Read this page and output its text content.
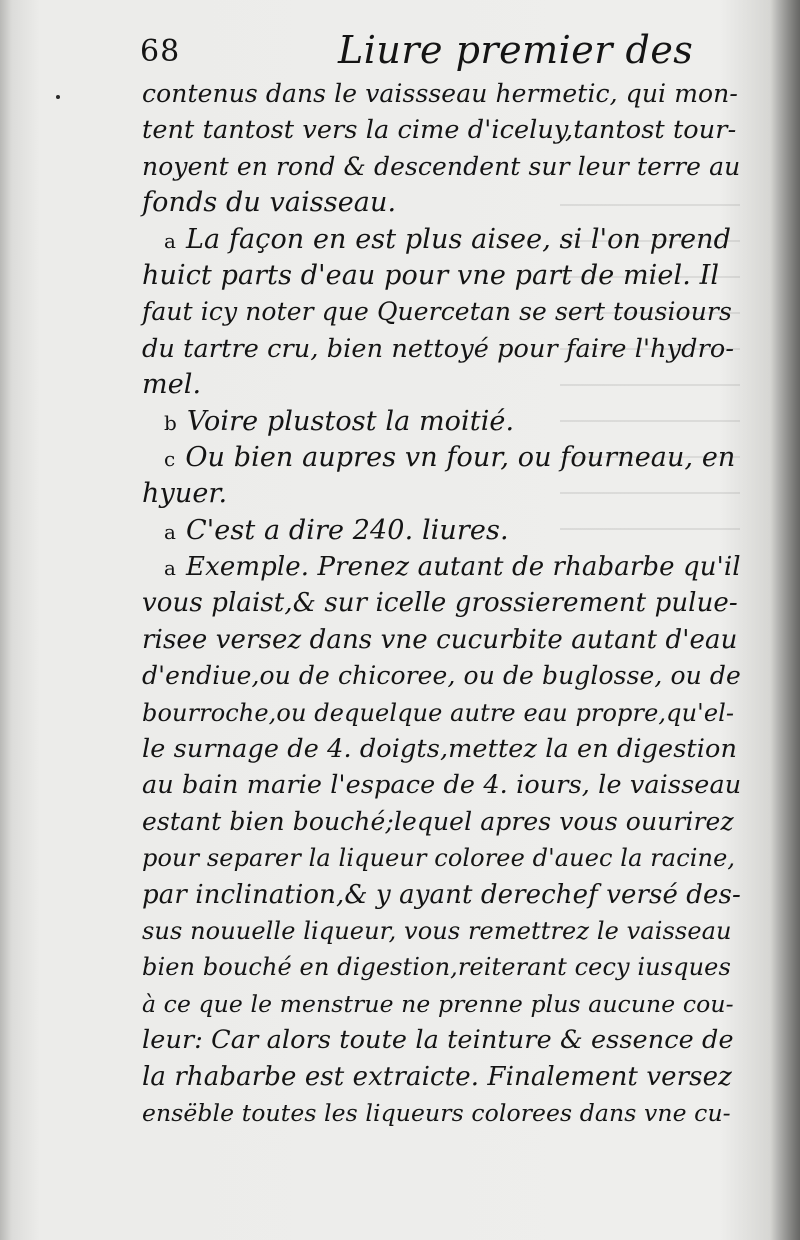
68	Liure premier des
contenus dans le vaissseau hermetic, qui mon-
tent tantost vers la cime d'iceluy,tantost tour-
noyent en rond & descendent sur leur terre au
fonds du vaisseau.
a La façon en est plus aisee, si l'on prend
huict parts d'eau pour vne part de miel. Il
faut icy noter que Quercetan se sert tousiours
du tartre cru, bien nettoyé pour faire l'hydro-
mel.
b Voire plustost la moitié.
c Ou bien aupres vn four, ou fourneau, en
hyuer.
a C'est a dire 240. liures.
a Exemple. Prenez autant de rhabarbe qu'il
vous plaist,& sur icelle grossierement pulue-
risee versez dans vne cucurbite autant d'eau
d'endiue,ou de chicoree, ou de buglosse, ou de
bourroche,ou dequelque autre eau propre,qu'el-
le surnage de 4. doigts,mettez la en digestion
au bain marie l'espace de 4. iours, le vaisseau
estant bien bouché;lequel apres vous ouurirez
pour separer la liqueur coloree d'auec la racine,
par inclination,& y ayant derechef versé des-
sus nouuelle liqueur, vous remettrez le vaisseau
bien bouché en digestion,reiterant cecy iusques
à ce que le menstrue ne prenne plus aucune cou-
leur: Car alors toute la teinture & essence de
la rhabarbe est extraicte. Finalement versez
ensëble toutes les liqueurs colorees dans vne cu-
